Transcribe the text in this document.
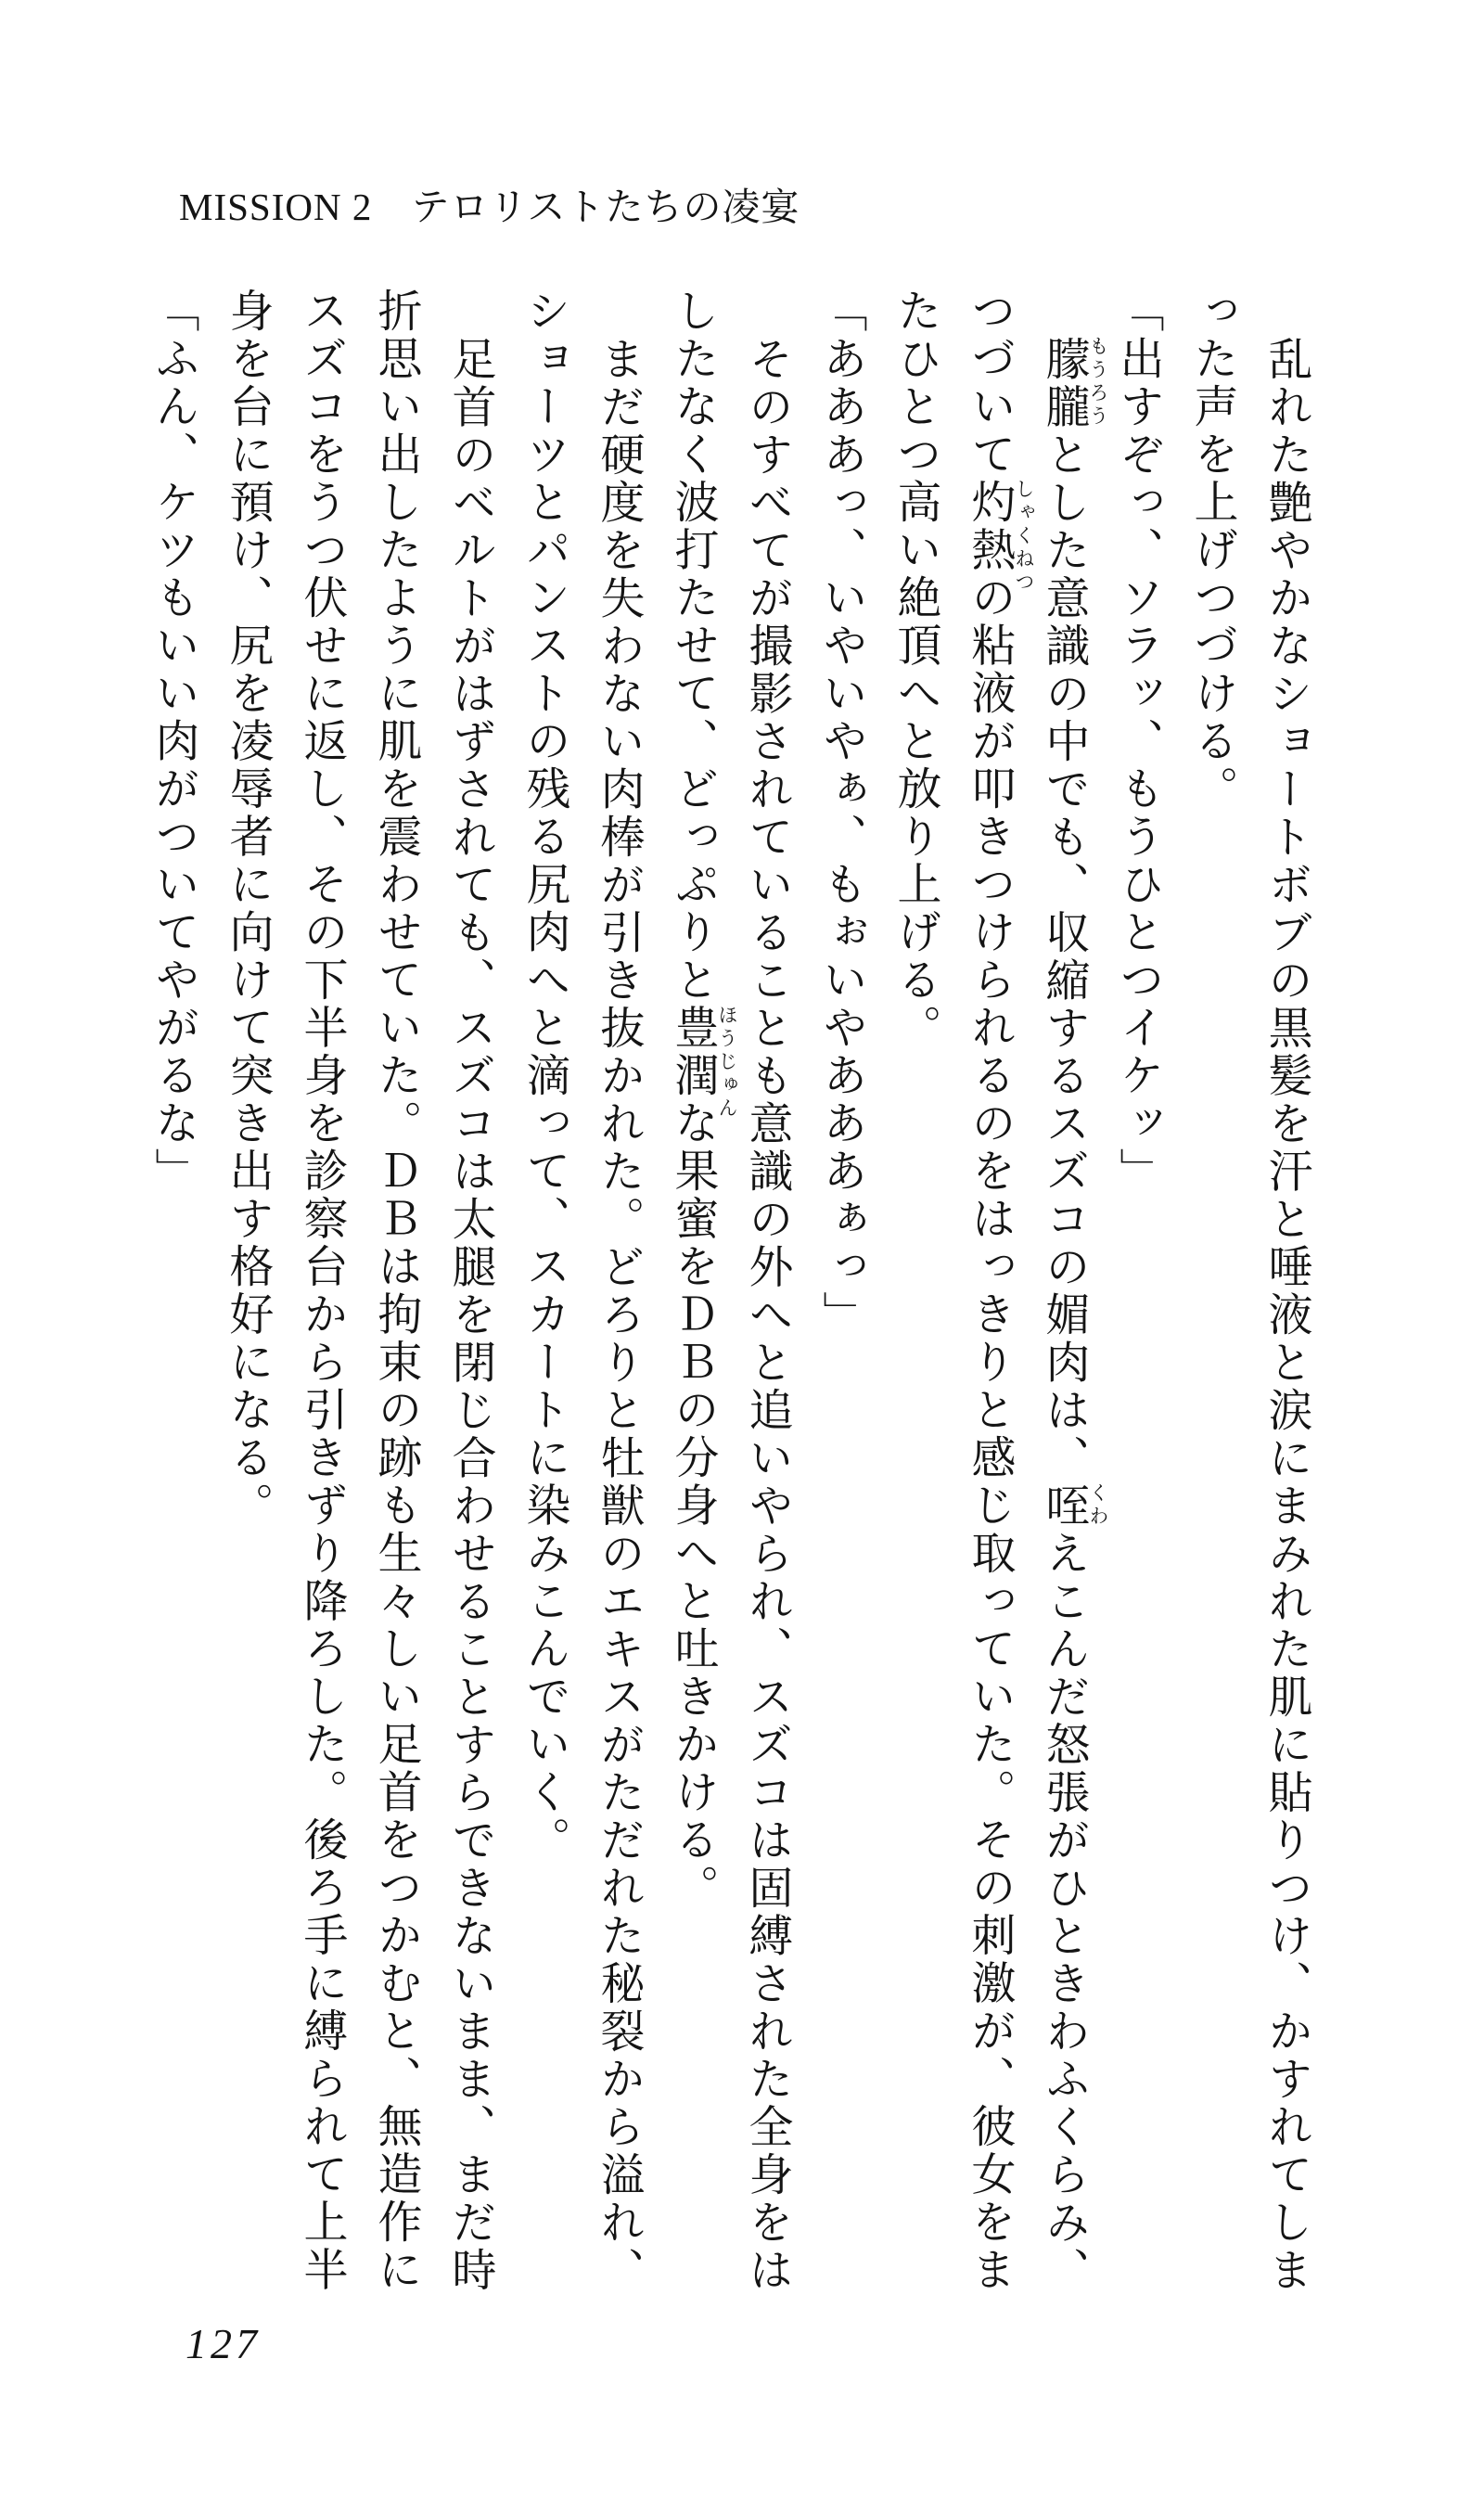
MISSION 2　テロリストたちの凌宴
乱れた艶やかなショートボブの黒髪を汗と唾液と涙にまみれた肌に貼りつけ、かすれてしま
った声を上げつづける。
「出すぞっ、ソラッ、もうひとつイケッ」
朦朧とした意識の中でも、収縮するスズコの媚肉は、咥えこんだ怒張がひときわふくらみ、
つづいて灼熱の粘液が叩きつけられるのをはっきりと感じ取っていた。その刺激が、彼女をま
たひとつ高い絶頂へと放り上げる。
「あああっ、いやいやぁ、もぉいやあああぁっ」
そのすべてが撮影されていることも意識の外へと追いやられ、スズコは固縛された全身をは
したなく波打たせて、どっぷりと豊潤な果蜜をＤＢの分身へと吐きかける。
まだ硬度を失わない肉棒が引き抜かれた。どろりと牡獣のエキスがただれた秘裂から溢れ、
ショーツとパンストの残る尻肉へと滴って、スカートに染みこんでいく。
足首のベルトがはずされても、スズコは太腿を閉じ合わせることすらできないまま、まだ時
折思い出したように肌を震わせていた。ＤＢは拘束の跡も生々しい足首をつかむと、無造作に
スズコをうつ伏せに返し、その下半身を診察台から引きずり降ろした。後ろ手に縛られて上半
身を台に預け、尻を凌辱者に向けて突き出す格好になる。
「ふん、ケツもいい肉がついてやがるな」	もうろう
しゃくねつ
ほうじゅん
くわ
127
